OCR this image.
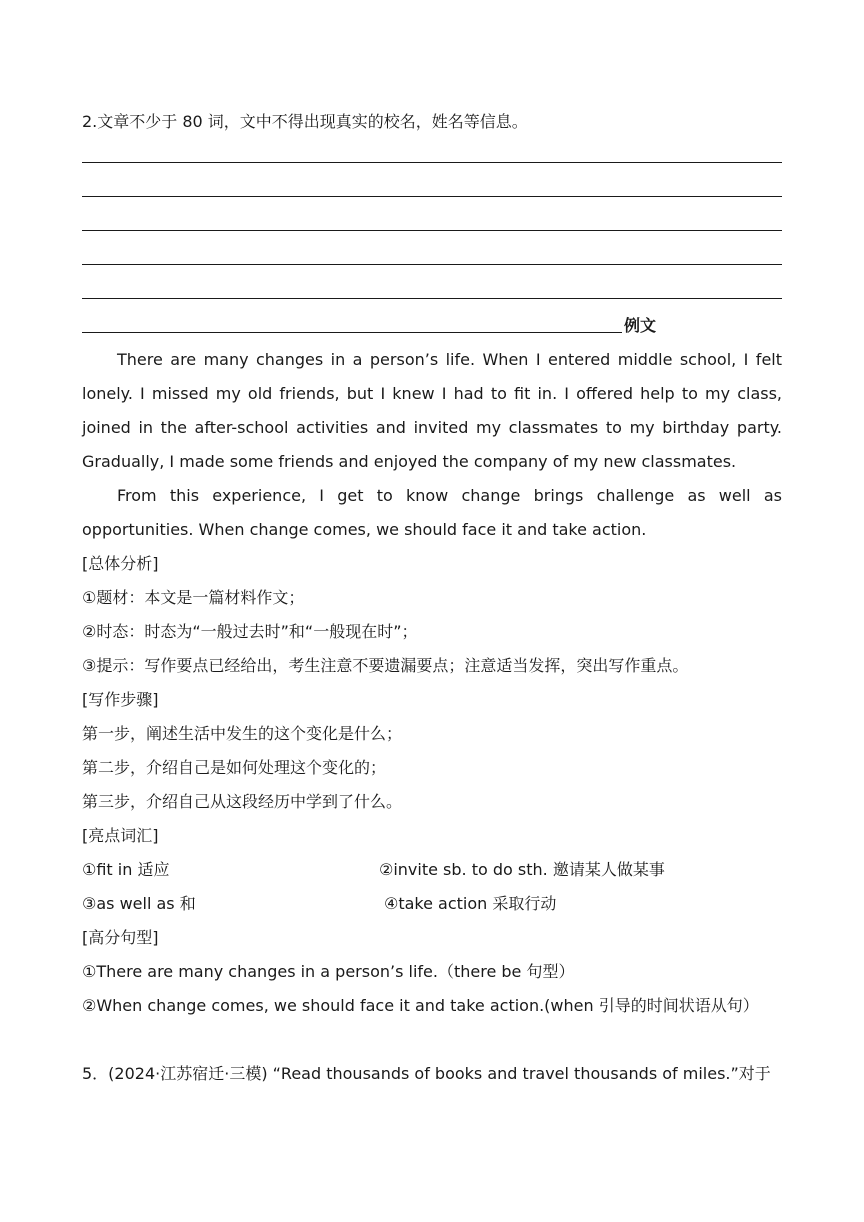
2.文章不少于 80 词，文中不得出现真实的校名，姓名等信息。
例文
There are many changes in a person’s life. When I entered middle school, I felt lonely. I missed my old friends, but I knew I had to fit in. I offered help to my class, joined in the after-school activities and invited my classmates to my birthday party. Gradually, I made some friends and enjoyed the company of my new classmates.
From this experience, I get to know change brings challenge as well as opportunities. When change comes, we should face it and take action.
[总体分析]
①题材：本文是一篇材料作文；
②时态：时态为“一般过去时”和“一般现在时”；
③提示：写作要点已经给出，考生注意不要遗漏要点；注意适当发挥，突出写作重点。
[写作步骤]
第一步，阐述生活中发生的这个变化是什么；
第二步，介绍自己是如何处理这个变化的；
第三步，介绍自己从这段经历中学到了什么。
[亮点词汇]
①fit in 适应	②invite sb. to do sth. 邀请某人做某事
③as well as 和	④take action 采取行动
[高分句型]
①There are many changes in a person’s life.（there be 句型）
②When change comes, we should face it and take action.(when 引导的时间状语从句）
5．(2024·江苏宿迁·三模) “Read thousands of books and travel thousands of miles.”对于
